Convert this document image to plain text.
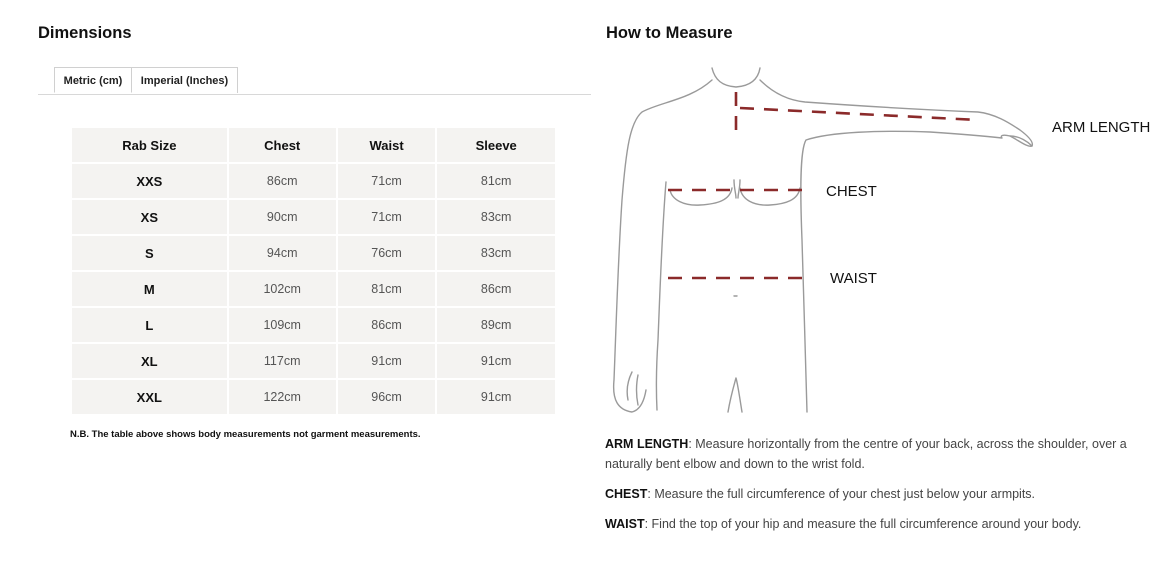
Dimensions	How to Measure
Metric (cm)	Imperial (Inches)
Rab Size	Chest	Waist	Sleeve
XXS	86cm	71cm	81cm
XS	90cm	71cm	83cm
S	94cm	76cm	83cm
M	102cm	81cm	86cm
L	109cm	86cm	89cm
XL	117cm	91cm	91cm
XXL	122cm	96cm	91cm
N.B. The table above shows body measurements not garment measurements.
ARM LENGTH
CHEST
WAIST

ARM LENGTH: Measure horizontally from the centre of your back, across the shoulder, over a naturally bent elbow and down to the wrist fold.

CHEST: Measure the full circumference of your chest just below your armpits.

WAIST: Find the top of your hip and measure the full circumference around your body.
